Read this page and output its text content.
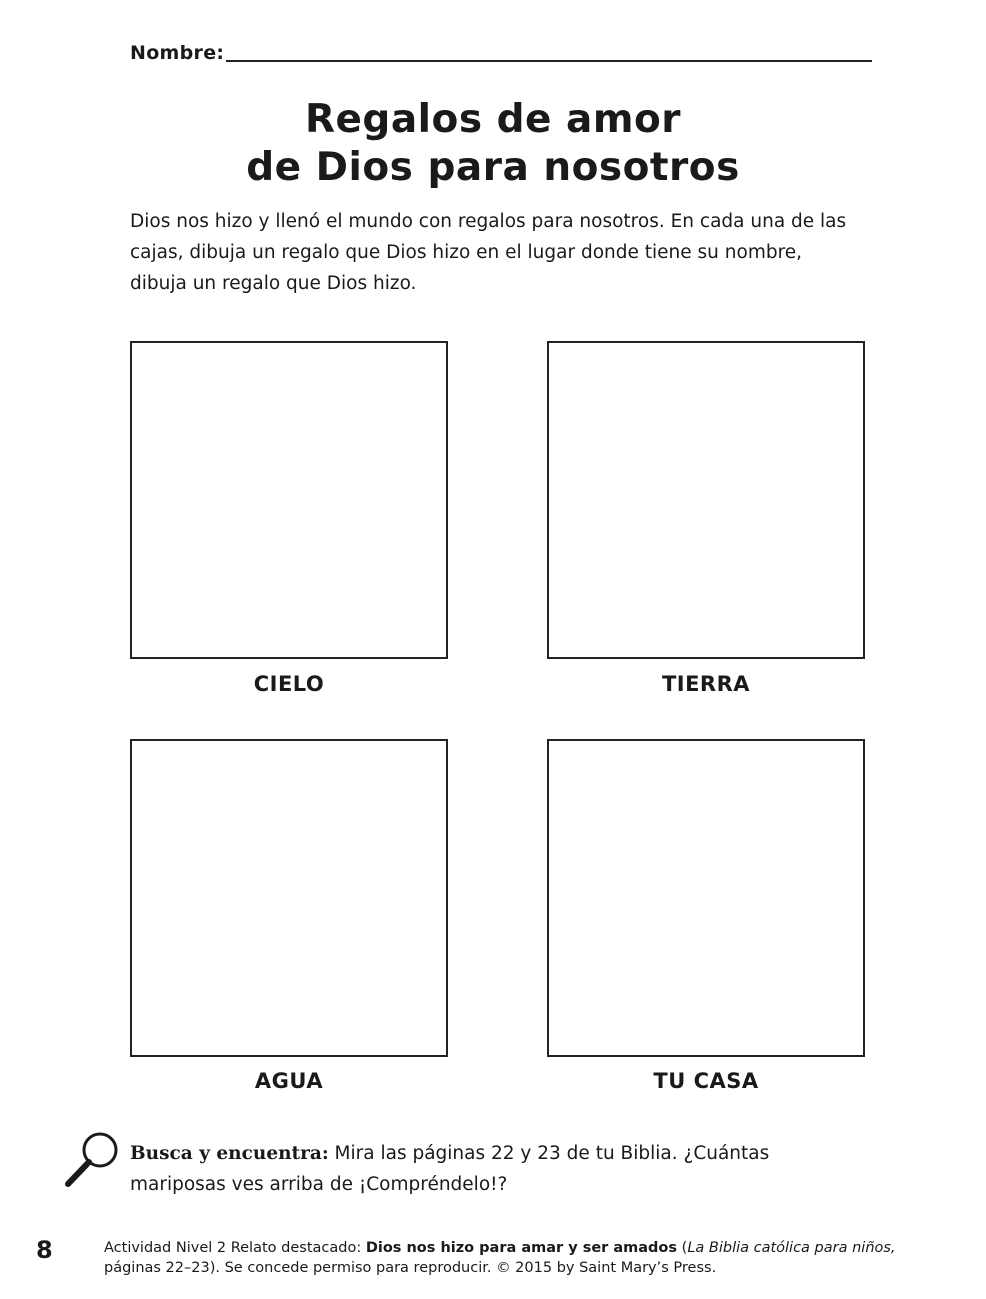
Nombre:
Regalos de amor
de Dios para nosotros

Dios nos hizo y llenó el mundo con regalos para nosotros. En cada una de las cajas, dibuja un regalo que Dios hizo en el lugar donde tiene su nombre, dibuja un regalo que Dios hizo.

CIELO	TIERRA
AGUA	TU CASA

Busca y encuentra: Mira las páginas 22 y 23 de tu Biblia. ¿Cuántas mariposas ves arriba de ¡Compréndelo!?

8	Actividad Nivel 2 Relato destacado: Dios nos hizo para amar y ser amados (La Biblia católica para niños, páginas 22–23). Se concede permiso para reproducir. © 2015 by Saint Mary’s Press.
